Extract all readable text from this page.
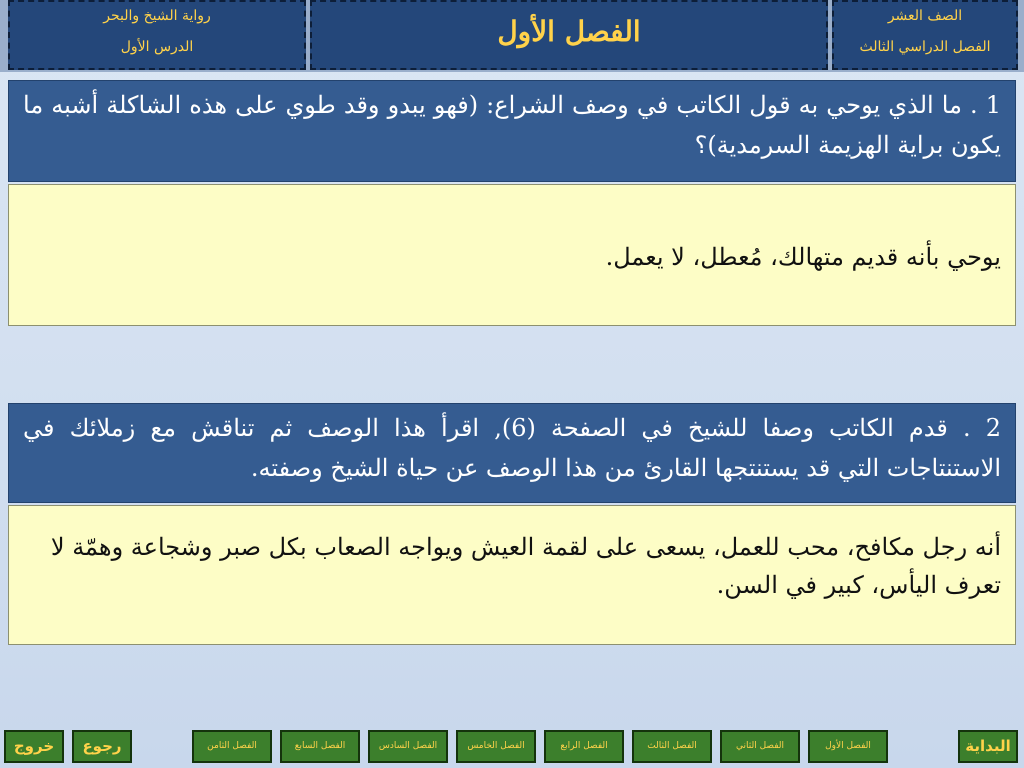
الصف العشر
الفصل الدراسي الثالث
الفصل الأول
رواية الشيخ والبحر
الدرس الأول
1 . ما الذي يوحي به قول الكاتب في وصف الشراع: (فهو يبدو وقد طوي على هذه الشاكلة أشبه ما يكون براية الهزيمة السرمدية)؟
يوحي بأنه قديم متهالك، مُعطل، لا يعمل.
2 . قدم الكاتب وصفا للشيخ في الصفحة (6), اقرأ هذا الوصف ثم تناقش مع زملائك في الاستنتاجات التي قد يستنتجها القارئ من هذا الوصف عن حياة الشيخ وصفته.
أنه رجل مكافح، محب للعمل، يسعى على لقمة العيش ويواجه الصعاب بكل صبر وشجاعة وهمّة لا تعرف اليأس، كبير في السن.
البداية
الفصل الأول
الفصل الثاني
الفصل الثالث
الفصل الرابع
الفصل الخامس
الفصل السادس
الفصل السابع
الفصل الثامن
رجوع
خروج
